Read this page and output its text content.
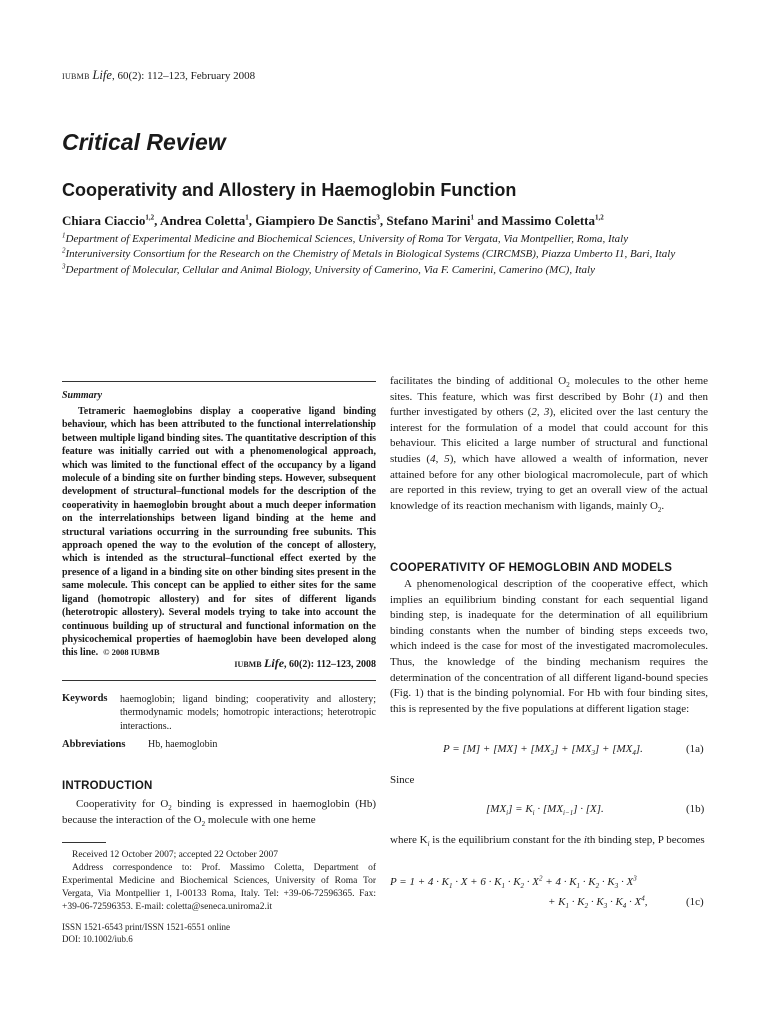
IUBMB Life, 60(2): 112–123, February 2008
Critical Review
Cooperativity and Allostery in Haemoglobin Function
Chiara Ciaccio$^{1,2}$, Andrea Coletta$^1$, Giampiero De Sanctis$^3$, Stefano Marini$^1$ and Massimo Coletta$^{1,2}$
$^1$Department of Experimental Medicine and Biochemical Sciences, University of Roma Tor Vergata, Via Montpellier, Roma, Italy
$^2$Interuniversity Consortium for the Research on the Chemistry of Metals in Biological Systems (CIRCMSB), Piazza Umberto I1, Bari, Italy
$^3$Department of Molecular, Cellular and Animal Biology, University of Camerino, Via F. Camerini, Camerino (MC), Italy
Summary
Tetrameric haemoglobins display a cooperative ligand binding behaviour, which has been attributed to the functional interrelationship between multiple ligand binding sites. The quantitative description of this feature was initially carried out with a phenomenological approach, which was limited to the functional effect of the occupancy by a ligand molecule of a binding site on further binding steps. However, subsequent development of structural–functional models for the description of the cooperativity in haemoglobin brought about a much deeper information on the interrelationships between ligand binding at the heme and structural variations occurring in the surrounding free subunits. This approach opened the way to the evolution of the concept of allostery, which is intended as the structural–functional effect exerted by the presence of a ligand in a binding site on other binding sites present in the same molecule. This concept can be applied to either sites for the same ligand (homotropic allostery) and for sites of different ligands (heterotropic allostery). Several models trying to take into account the continuous building up of structural and functional information on the physicochemical properties of haemoglobin have been developed along this line. © 2008 IUBMB
IUBMB Life, 60(2): 112–123, 2008
Keywords	haemoglobin; ligand binding; cooperativity and allostery; thermodynamic models; homotropic interactions; heterotropic interactions..
Abbreviations	Hb, haemoglobin
INTRODUCTION
Cooperativity for $O_2$ binding is expressed in haemoglobin (Hb) because the interaction of the $O_2$ molecule with one heme

Received 12 October 2007; accepted 22 October 2007

Address correspondence to: Prof. Massimo Coletta, Department of Experimental Medicine and Biochemical Sciences, University of Roma Tor Vergata, Via Montpellier 1, I-00133 Roma, Italy. Tel: +39-06-72596365. Fax: +39-06-72596353. E-mail: coletta@seneca.uniroma2.it

ISSN 1521-6543 print/ISSN 1521-6551 online
DOI: 10.1002/iub.6
facilitates the binding of additional $O_2$ molecules to the other heme sites. This feature, which was first described by Bohr (1) and then further investigated by others (2, 3), elicited over the last century the interest for the formulation of a model that could account for this behaviour. This elicited a large number of structural and functional studies (4, 5), which have allowed a wealth of information, never attained before for any other biological macromolecule, part of which are reported in this review, trying to get an overall view of the actual knowledge of its reaction mechanism with ligands, mainly $O_2$.
COOPERATIVITY OF HEMOGLOBIN AND MODELS
A phenomenological description of the cooperative effect, which implies an equilibrium binding constant for each sequential ligand binding step, is inadequate for the determination of all equilibrium binding constants when the number of binding steps exceeds two, which indeed is the case for most of the investigated macromolecules. Thus, the knowledge of the binding mechanism requires the determination of the concentration of all different ligand-bound species (Fig. 1) that is the binding polynomial. For Hb with four binding sites, this is represented by the five populations at different ligation stage:
$P = [M] + [MX] + [MX_2] + [MX_3] + [MX_4]$.	(1a)
Since
$[MX_i] = K_i \cdot [MX_{i-1}] \cdot [X]$.	(1b)
where $K_i$ is the equilibrium constant for the ith binding step, P becomes
$P = 1 + 4 \cdot K_1 \cdot X + 6 \cdot K_1 \cdot K_2 \cdot X^2 + 4 \cdot K_1 \cdot K_2 \cdot K_3 \cdot X^3$
+ $K_1 \cdot K_2 \cdot K_3 \cdot K_4 \cdot X^4$,	(1c)
